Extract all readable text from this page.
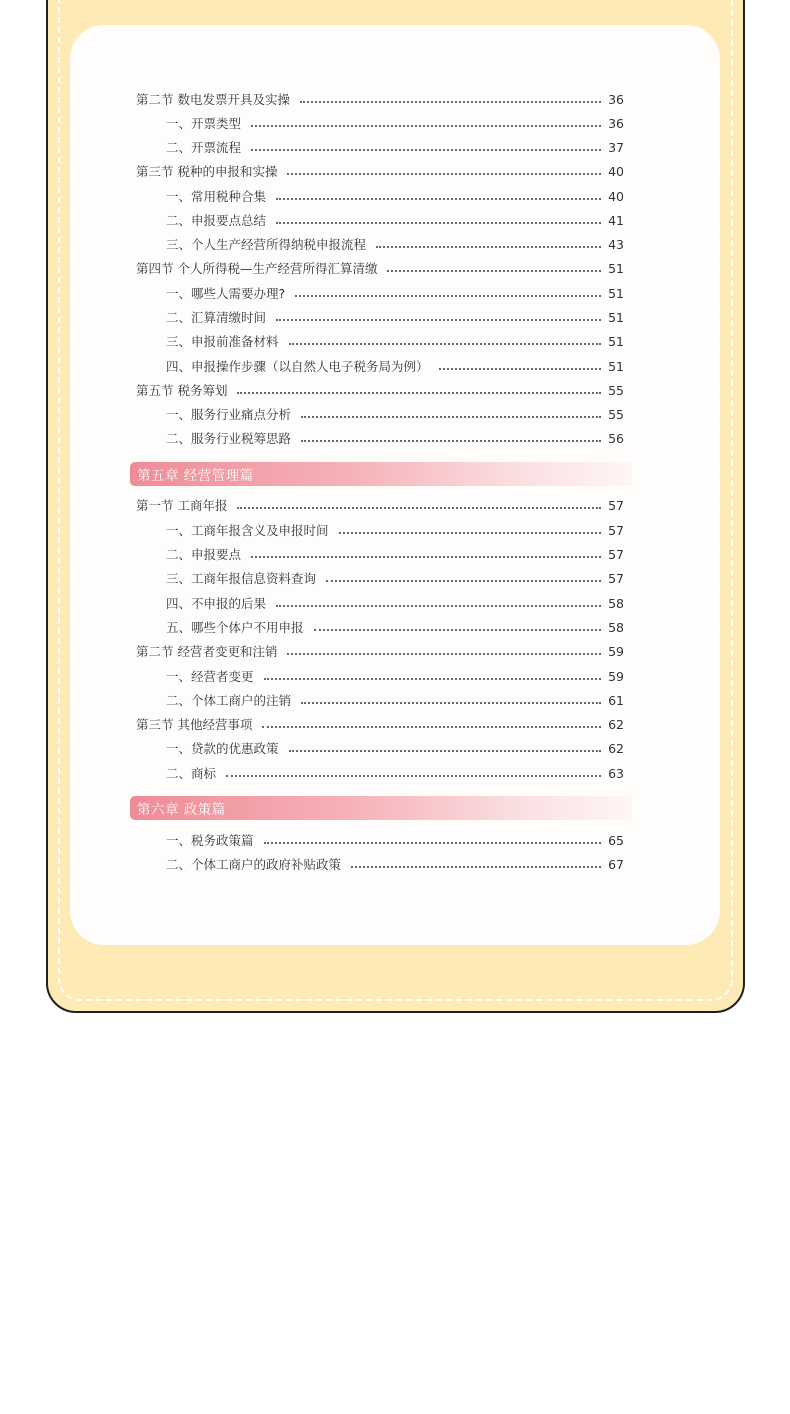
第二节 数电发票开具及实操	36
一、开票类型	36
二、开票流程	37
第三节 税种的申报和实操	40
一、常用税种合集	40
二、申报要点总结	41
三、个人生产经营所得纳税申报流程	43
第四节 个人所得税—生产经营所得汇算清缴	51
一、哪些人需要办理?	51
二、汇算清缴时间	51
三、申报前准备材料	51
四、申报操作步骤（以自然人电子税务局为例）	51
第五节 税务筹划	55
一、服务行业痛点分析	55
二、服务行业税筹思路	56
第五章 经营管理篇
第一节 工商年报	57
一、工商年报含义及申报时间	57
二、申报要点	57
三、工商年报信息资料查询	57
四、不申报的后果	58
五、哪些个体户不用申报	58
第二节 经营者变更和注销	59
一、经营者变更	59
二、个体工商户的注销	61
第三节 其他经营事项	62
一、贷款的优惠政策	62
二、商标	63
第六章 政策篇
一、税务政策篇	65
二、个体工商户的政府补贴政策	67
